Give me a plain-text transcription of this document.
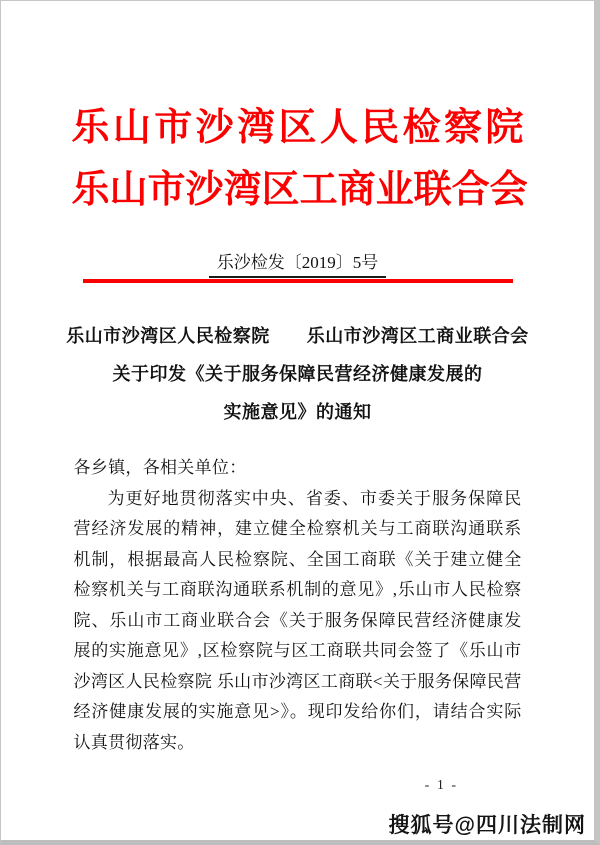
乐 山 市 沙 湾 区 人 民 检 察 院
乐 山 市 沙 湾 区 工 商 业 联 合 会
乐沙检发〔2019〕5号
乐山市沙湾区人民检察院　　乐山市沙湾区工商业联合会
关于印发《关于服务保障民营经济健康发展的
实施意见》的通知
各乡镇，各相关单位：

为更好地贯彻落实中央、省委、市委关于服务保障民营经济发展的精神，建立健全检察机关与工商联沟通联系机制，根据最高人民检察院、全国工商联《关于建立健全检察机关与工商联沟通联系机制的意见》,乐山市人民检察院、乐山市工商业联合会《关于服务保障民营经济健康发展的实施意见》,区检察院与区工商联共同会签了《乐山市沙湾区人民检察院 乐山市沙湾区工商联<关于服务保障民营经济健康发展的实施意见>》。现印发给你们，请结合实际认真贯彻落实。

- 1 -
搜狐号@四川法制网
